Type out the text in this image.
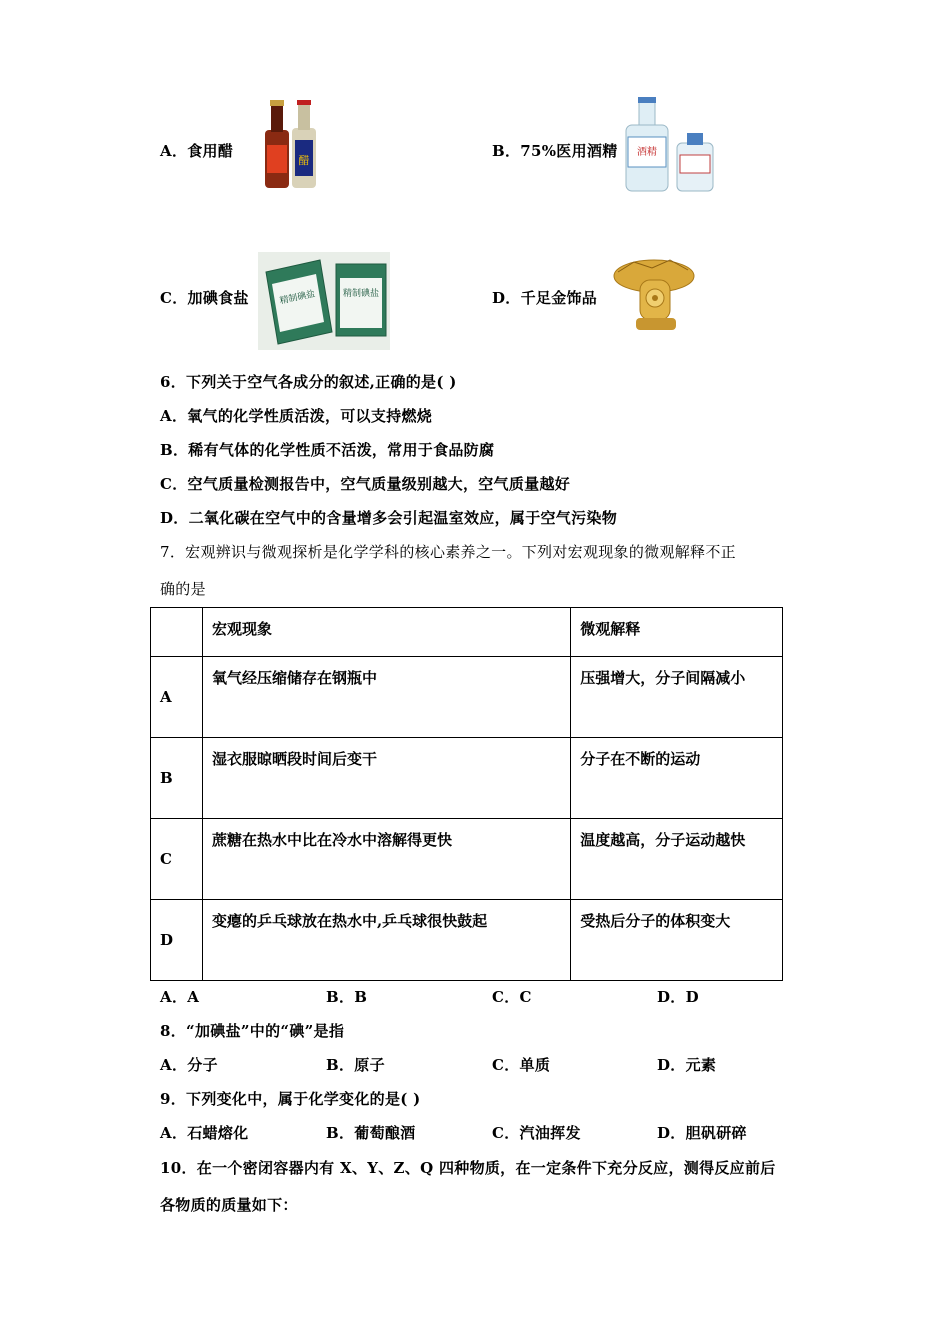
A．食用醋
醋
B．75%医用酒精 酒精
C．加碘食盐	精制碘盐	精制碘盐	D．千足金饰品
6．下列关于空气各成分的叙述,正确的是( )
A．氧气的化学性质活泼，可以支持燃烧
B．稀有气体的化学性质不活泼，常用于食品防腐
C．空气质量检测报告中，空气质量级别越大，空气质量越好
D．二氧化碳在空气中的含量增多会引起温室效应，属于空气污染物
7．宏观辨识与微观探析是化学学科的核心素养之一。下列对宏观现象的微观解释不正
确的是

	宏观现象	微观解释

A	氧气经压缩储存在钢瓶中	压强增大，分子间隔减小

B	湿衣服晾晒段时间后变干	分子在不断的运动

C	蔗糖在热水中比在冷水中溶解得更快	温度越高，分子运动越快

D	变瘪的乒乓球放在热水中,乒乓球很快鼓起	受热后分子的体积变大
A．A	B．B	C．C	D．D
8．“加碘盐”中的“碘”是指
A．分子	B．原子	C．单质	D．元素
9．下列变化中，属于化学变化的是( )
A．石蜡熔化	B．葡萄酿酒	C．汽油挥发	D．胆矾研碎
10．在一个密闭容器内有 X、Y、Z、Q 四种物质，在一定条件下充分反应，测得反应前后
各物质的质量如下：
